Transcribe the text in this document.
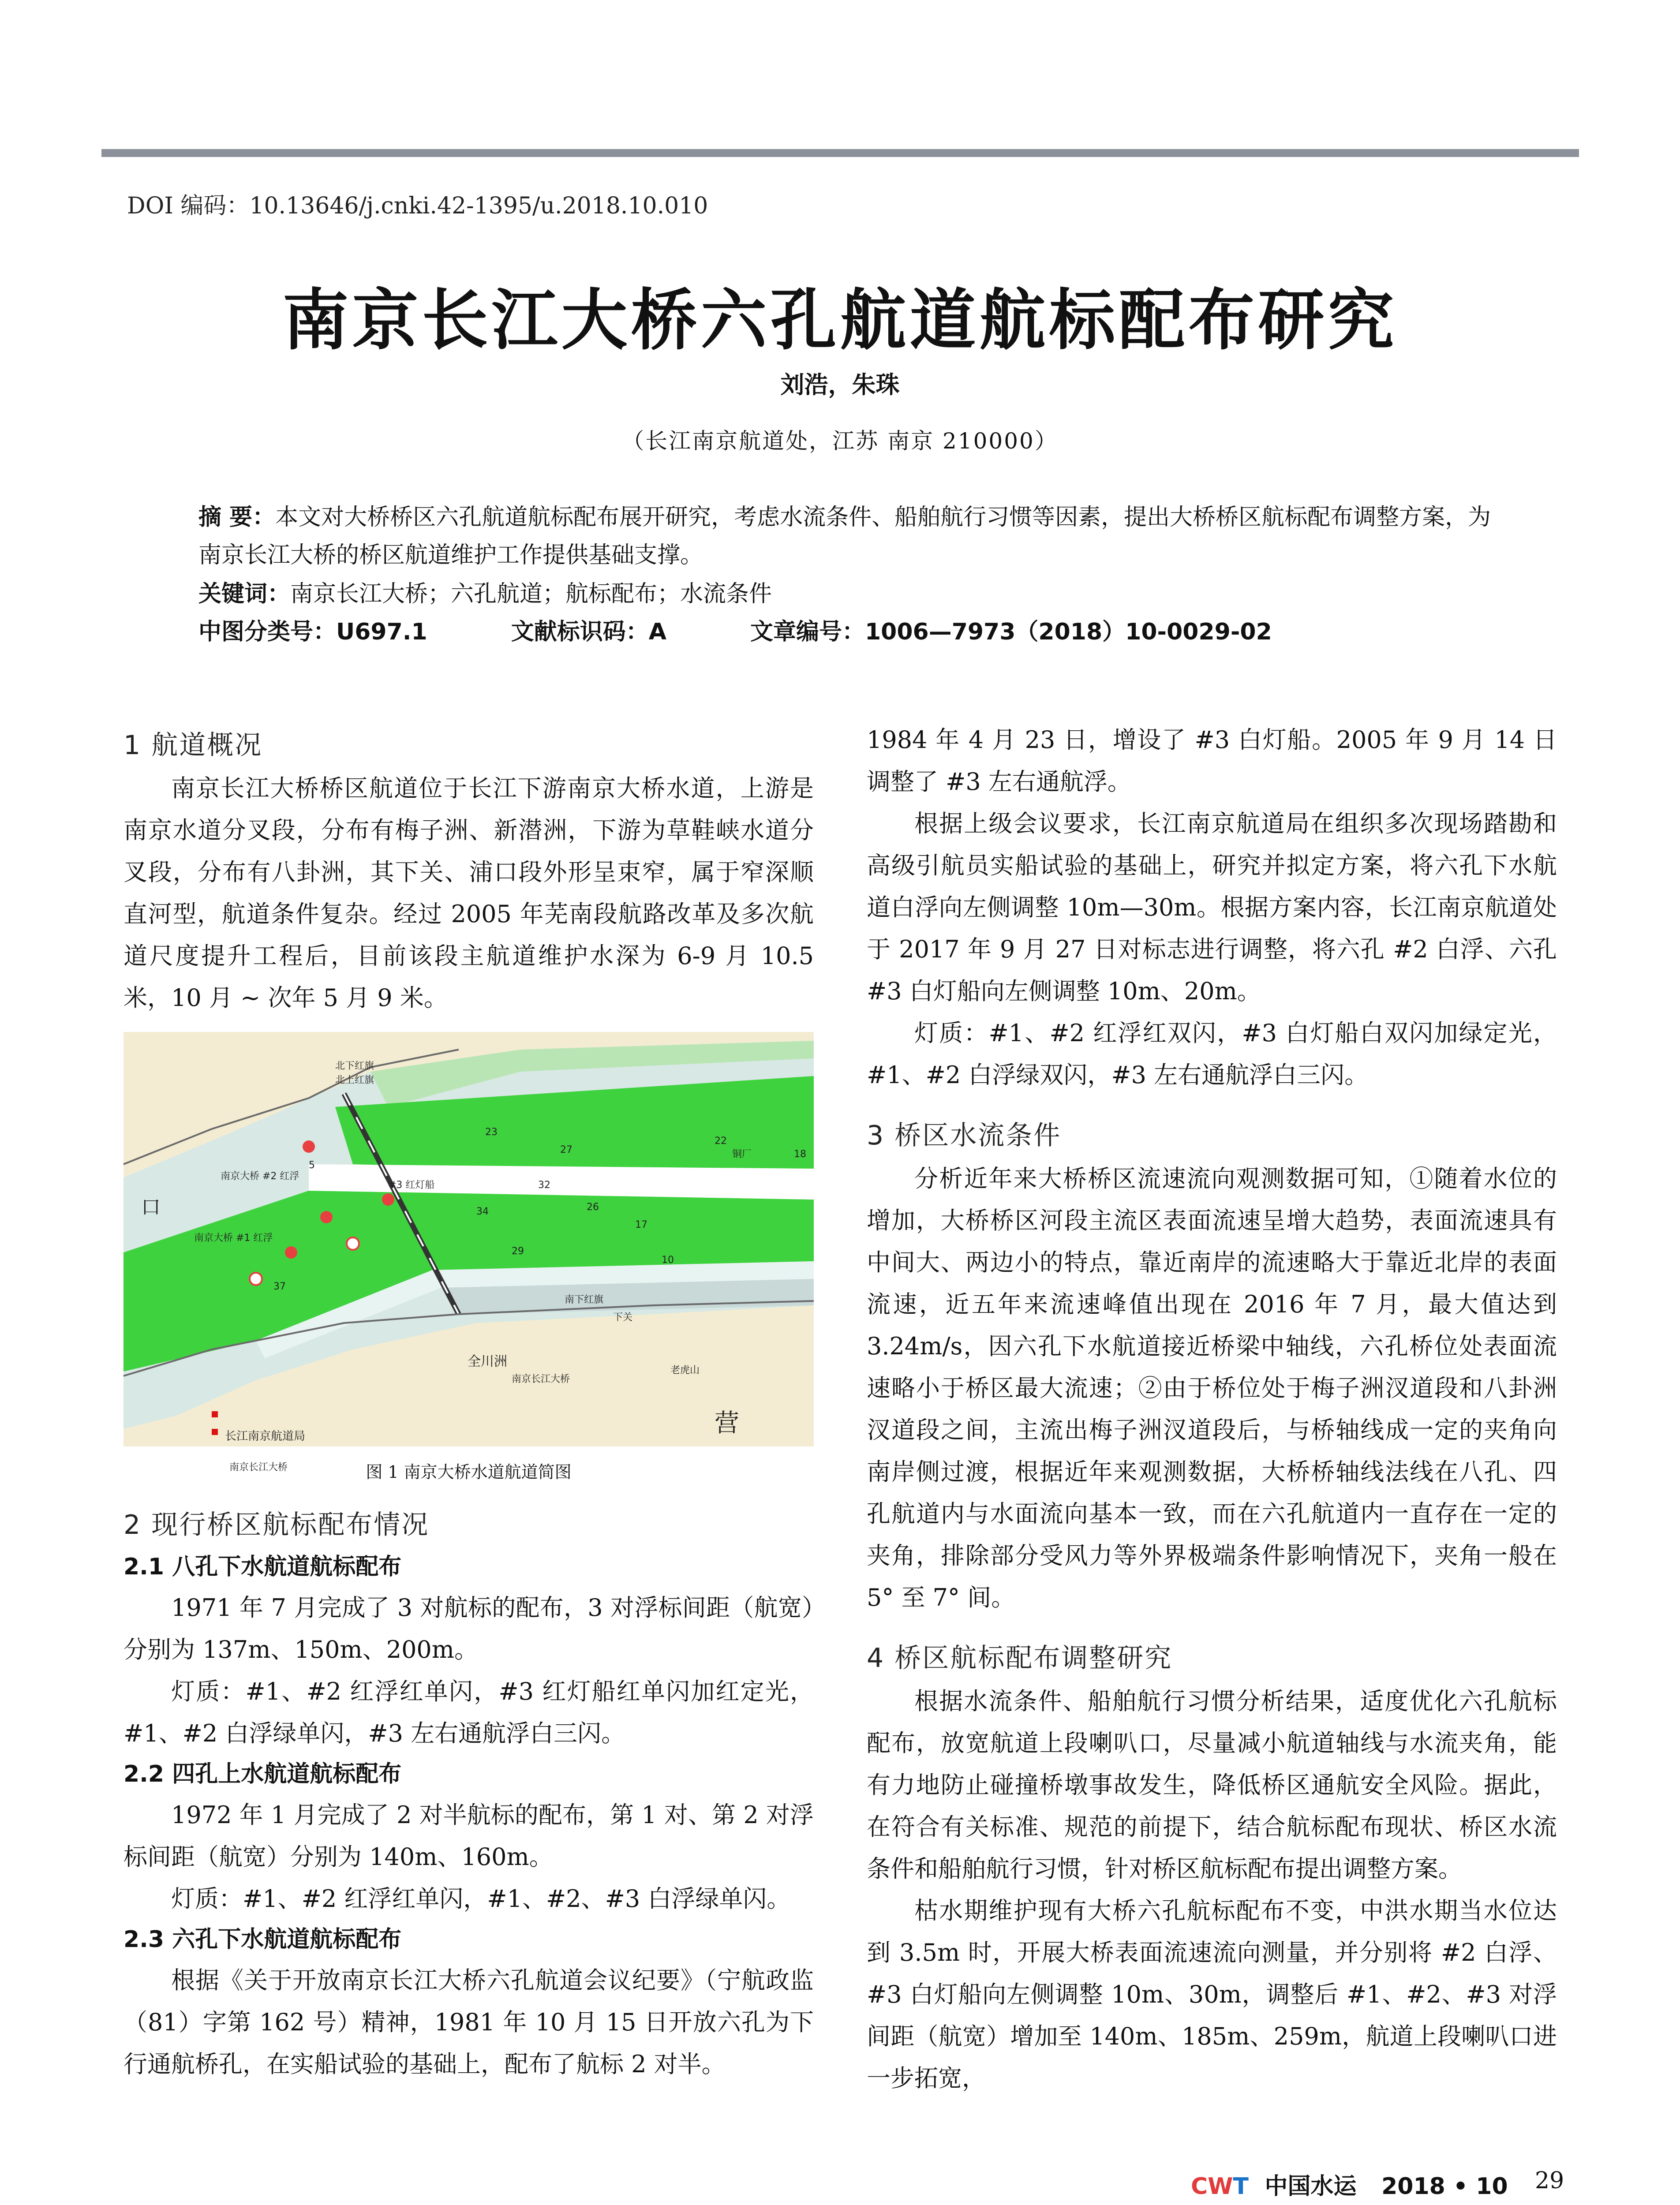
DOI 编码：10.13646/j.cnki.42-1395/u.2018.10.010
南京长江大桥六孔航道航标配布研究
刘浩，朱珠
（长江南京航道处，江苏 南京 210000）
摘 要：本文对大桥桥区六孔航道航标配布展开研究，考虑水流条件、船舶航行习惯等因素，提出大桥桥区航标配布调整方案，为南京长江大桥的桥区航道维护工作提供基础支撑。
关键词：南京长江大桥；六孔航道；航标配布；水流条件
中图分类号：U697.1	文献标识码：A	文章编号：1006—7973（2018）10-0029-02
1 航道概况

南京长江大桥桥区航道位于长江下游南京大桥水道，上游是南京水道分叉段，分布有梅子洲、新潜洲，下游为草鞋峡水道分叉段，分布有八卦洲，其下关、浦口段外形呈束窄，属于窄深顺直河型，航道条件复杂。经过 2005 年芜南段航路改革及多次航道尺度提升工程后，目前该段主航道维护水深为 6-9 月 10.5 米，10 月 ~ 次年 5 月 9 米。

北下红旗
北上红旗
口
南京大桥 #2 红浮
#3 红灯船
南京大桥 #1 红浮
南京长江大桥
全川洲
南下红旗
长江南京航道局
老虎山
铜厂
下关
南京长江大桥
营
23
27
32
34
29
17
22
18
10
5
26
37
图 1 南京大桥水道航道简图
2 现行桥区航标配布情况
2.1 八孔下水航道航标配布

1971 年 7 月完成了 3 对航标的配布，3 对浮标间距（航宽）分别为 137m、150m、200m。

灯质：#1、#2 红浮红单闪，#3 红灯船红单闪加红定光，#1、#2 白浮绿单闪，#3 左右通航浮白三闪。

2.2 四孔上水航道航标配布

1972 年 1 月完成了 2 对半航标的配布，第 1 对、第 2 对浮标间距（航宽）分别为 140m、160m。

灯质：#1、#2 红浮红单闪，#1、#2、#3 白浮绿单闪。

2.3 六孔下水航道航标配布

根据《关于开放南京长江大桥六孔航道会议纪要》（宁航政监（81）字第 162 号）精神，1981 年 10 月 15 日开放六孔为下行通航桥孔，在实船试验的基础上，配布了航标 2 对半。

1984 年 4 月 23 日，增设了 #3 白灯船。2005 年 9 月 14 日调整了 #3 左右通航浮。

根据上级会议要求，长江南京航道局在组织多次现场踏勘和高级引航员实船试验的基础上，研究并拟定方案，将六孔下水航道白浮向左侧调整 10m—30m。根据方案内容，长江南京航道处于 2017 年 9 月 27 日对标志进行调整，将六孔 #2 白浮、六孔 #3 白灯船向左侧调整 10m、20m。

灯质：#1、#2 红浮红双闪，#3 白灯船白双闪加绿定光，#1、#2 白浮绿双闪，#3 左右通航浮白三闪。

3 桥区水流条件

分析近年来大桥桥区流速流向观测数据可知，①随着水位的增加，大桥桥区河段主流区表面流速呈增大趋势，表面流速具有中间大、两边小的特点，靠近南岸的流速略大于靠近北岸的表面流速，近五年来流速峰值出现在 2016 年 7 月，最大值达到 3.24m/s，因六孔下水航道接近桥梁中轴线，六孔桥位处表面流速略小于桥区最大流速；②由于桥位处于梅子洲汊道段和八卦洲汊道段之间，主流出梅子洲汊道段后，与桥轴线成一定的夹角向南岸侧过渡，根据近年来观测数据，大桥桥轴线法线在八孔、四孔航道内与水面流向基本一致，而在六孔航道内一直存在一定的夹角，排除部分受风力等外界极端条件影响情况下，夹角一般在 5° 至 7° 间。

4 桥区航标配布调整研究

根据水流条件、船舶航行习惯分析结果，适度优化六孔航标配布，放宽航道上段喇叭口，尽量减小航道轴线与水流夹角，能有力地防止碰撞桥墩事故发生，降低桥区通航安全风险。据此，在符合有关标准、规范的前提下，结合航标配布现状、桥区水流条件和船舶航行习惯，针对桥区航标配布提出调整方案。

枯水期维护现有大桥六孔航标配布不变，中洪水期当水位达到 3.5m 时，开展大桥表面流速流向测量，并分别将 #2 白浮、#3 白灯船向左侧调整 10m、30m，调整后 #1、#2、#3 对浮间距（航宽）增加至 140m、185m、259m，航道上段喇叭口进一步拓宽，

CWT 中国水运 2018 • 10 29
